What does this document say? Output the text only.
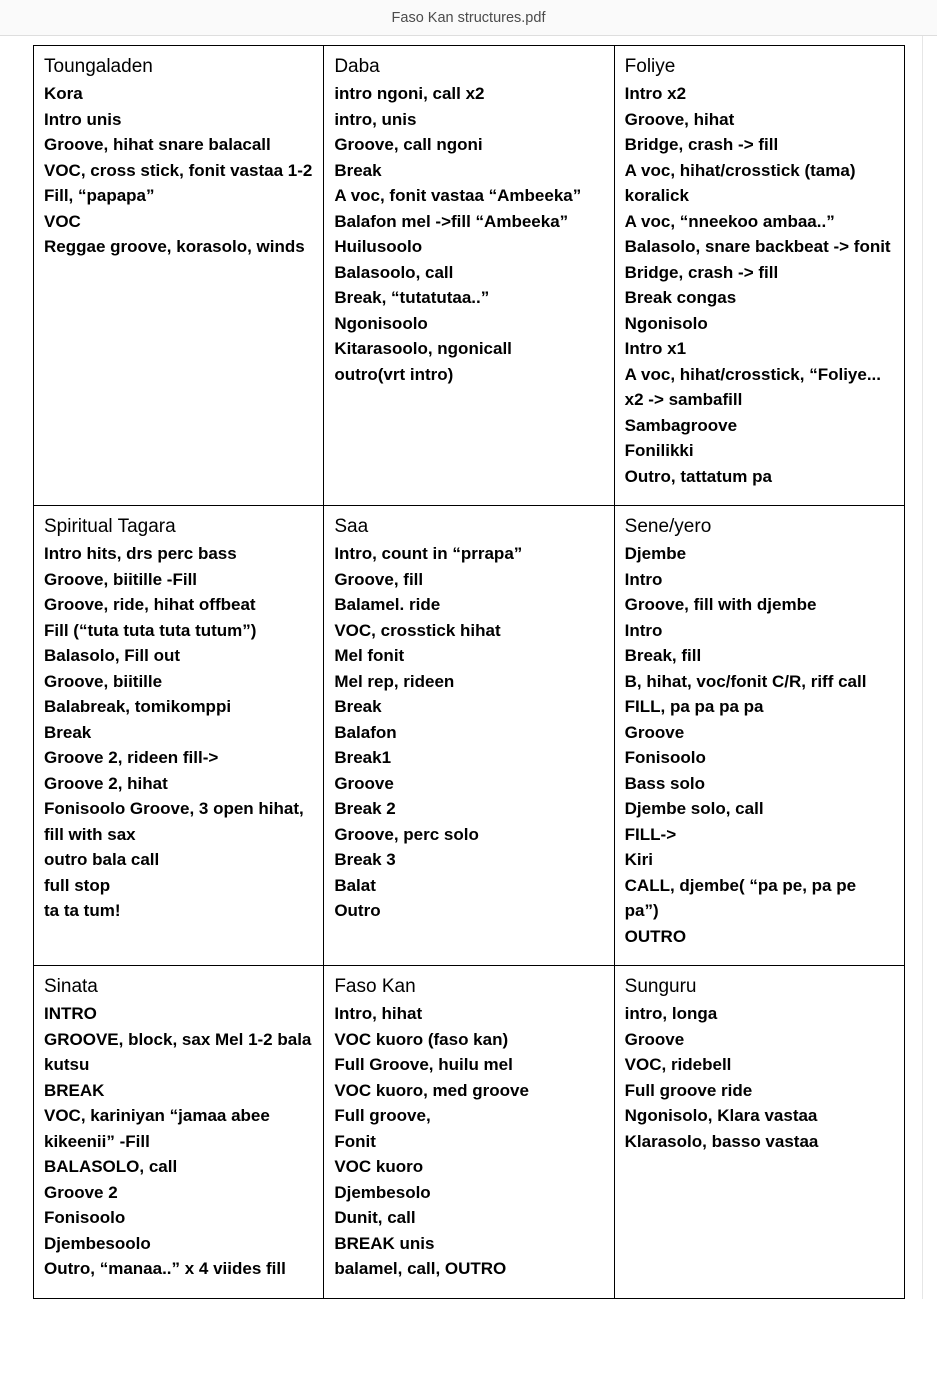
Faso Kan structures.pdf
Toungaladen
Kora
Intro unis
Groove, hihat snare balacall
VOC, cross stick, fonit vastaa 1-2
Fill, “papapa”
VOC
Reggae groove, korasolo, winds
Daba
intro ngoni, call x2
intro, unis
Groove, call ngoni
Break
A voc, fonit vastaa “Ambeeka”
Balafon mel ->fill “Ambeeka”
Huilusoolo
Balasoolo, call
Break, “tutatutaa..”
Ngonisoolo
Kitarasoolo, ngonicall
outro(vrt intro)
Foliye
Intro x2
Groove, hihat
Bridge, crash -> fill
A voc, hihat/crosstick (tama) koralick
A voc, “nneekoo ambaa..”
Balasolo, snare backbeat -> fonit
Bridge, crash -> fill
Break congas
Ngonisolo
Intro x1
A voc, hihat/crosstick, “Foliye... x2 -> sambafill
Sambagroove
Fonilikki
Outro, tattatum pa
Spiritual Tagara
Intro hits, drs perc bass
Groove, biitille -Fill
Groove, ride, hihat offbeat
Fill (“tuta tuta tuta tutum”)
Balasolo, Fill out
Groove, biitille
Balabreak, tomikomppi
Break
Groove 2, rideen fill->
Groove 2, hihat
Fonisoolo Groove, 3 open hihat, fill with sax
outro bala call
full stop
ta ta tum!
Saa
Intro, count in “prrapa”
Groove, fill
Balamel. ride
VOC, crosstick hihat
Mel fonit
Mel rep, rideen
Break
Balafon
Break1
Groove
Break 2
Groove, perc solo
Break 3
Balat
Outro
Sene/yero
Djembe
Intro
Groove, fill with djembe
Intro
Break, fill
B, hihat, voc/fonit C/R, riff call
FILL, pa pa pa pa
Groove
Fonisoolo
Bass solo
Djembe solo, call
FILL->
Kiri
CALL, djembe( “pa pe, pa pe pa”)
OUTRO
Sinata
INTRO
GROOVE, block, sax Mel 1-2 bala kutsu
BREAK
VOC, kariniyan “jamaa abee kikeenii” -Fill
BALASOLO, call
Groove 2
Fonisoolo
Djembesoolo
Outro, “manaa..” x 4 viides fill
Faso Kan
Intro, hihat
VOC kuoro (faso kan)
Full Groove, huilu mel
VOC kuoro, med groove
Full groove,
Fonit
VOC kuoro
Djembesolo
Dunit, call
BREAK unis
balamel, call, OUTRO
Sunguru
intro, longa
Groove
VOC, ridebell
Full groove ride
Ngonisolo, Klara vastaa
Klarasolo, basso vastaa
